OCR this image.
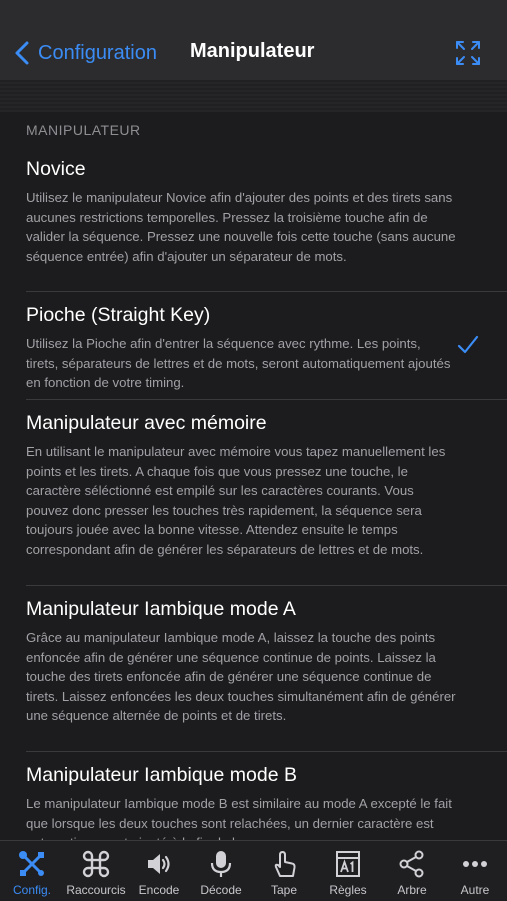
Configuration Manipulateur
MANIPULATEUR
Novice
Utilisez le manipulateur Novice afin d'ajouter des points et des tirets sans aucunes restrictions temporelles. Pressez la troisième touche afin de valider la séquence. Pressez une nouvelle fois cette touche (sans aucune séquence entrée) afin d'ajouter un séparateur de mots.
Pioche (Straight Key)
Utilisez la Pioche afin d'entrer la séquence avec rythme. Les points, tirets, séparateurs de lettres et de mots, seront automatiquement ajoutés en fonction de votre timing.
Manipulateur avec mémoire
En utilisant le manipulateur avec mémoire vous tapez manuellement les points et les tirets. A chaque fois que vous pressez une touche, le caractère séléctionné est empilé sur les caractères courants. Vous pouvez donc presser les touches très rapidement, la séquence sera toujours jouée avec la bonne vitesse. Attendez ensuite le temps correspondant afin de générer les séparateurs de lettres et de mots.
Manipulateur Iambique mode A
Grâce au manipulateur Iambique mode A, laissez la touche des points enfoncée afin de générer une séquence continue de points. Laissez la touche des tirets enfoncée afin de générer une séquence continue de tirets. Laissez enfoncées les deux touches simultanément afin de générer une séquence alternée de points et de tirets.
Manipulateur Iambique mode B
Le manipulateur Iambique mode B est similaire au mode A excepté le fait que lorsque les deux touches sont relachées, un dernier caractère est
Config. Raccourcis Encode Décode Tape	Règles	Arbre	Autre
